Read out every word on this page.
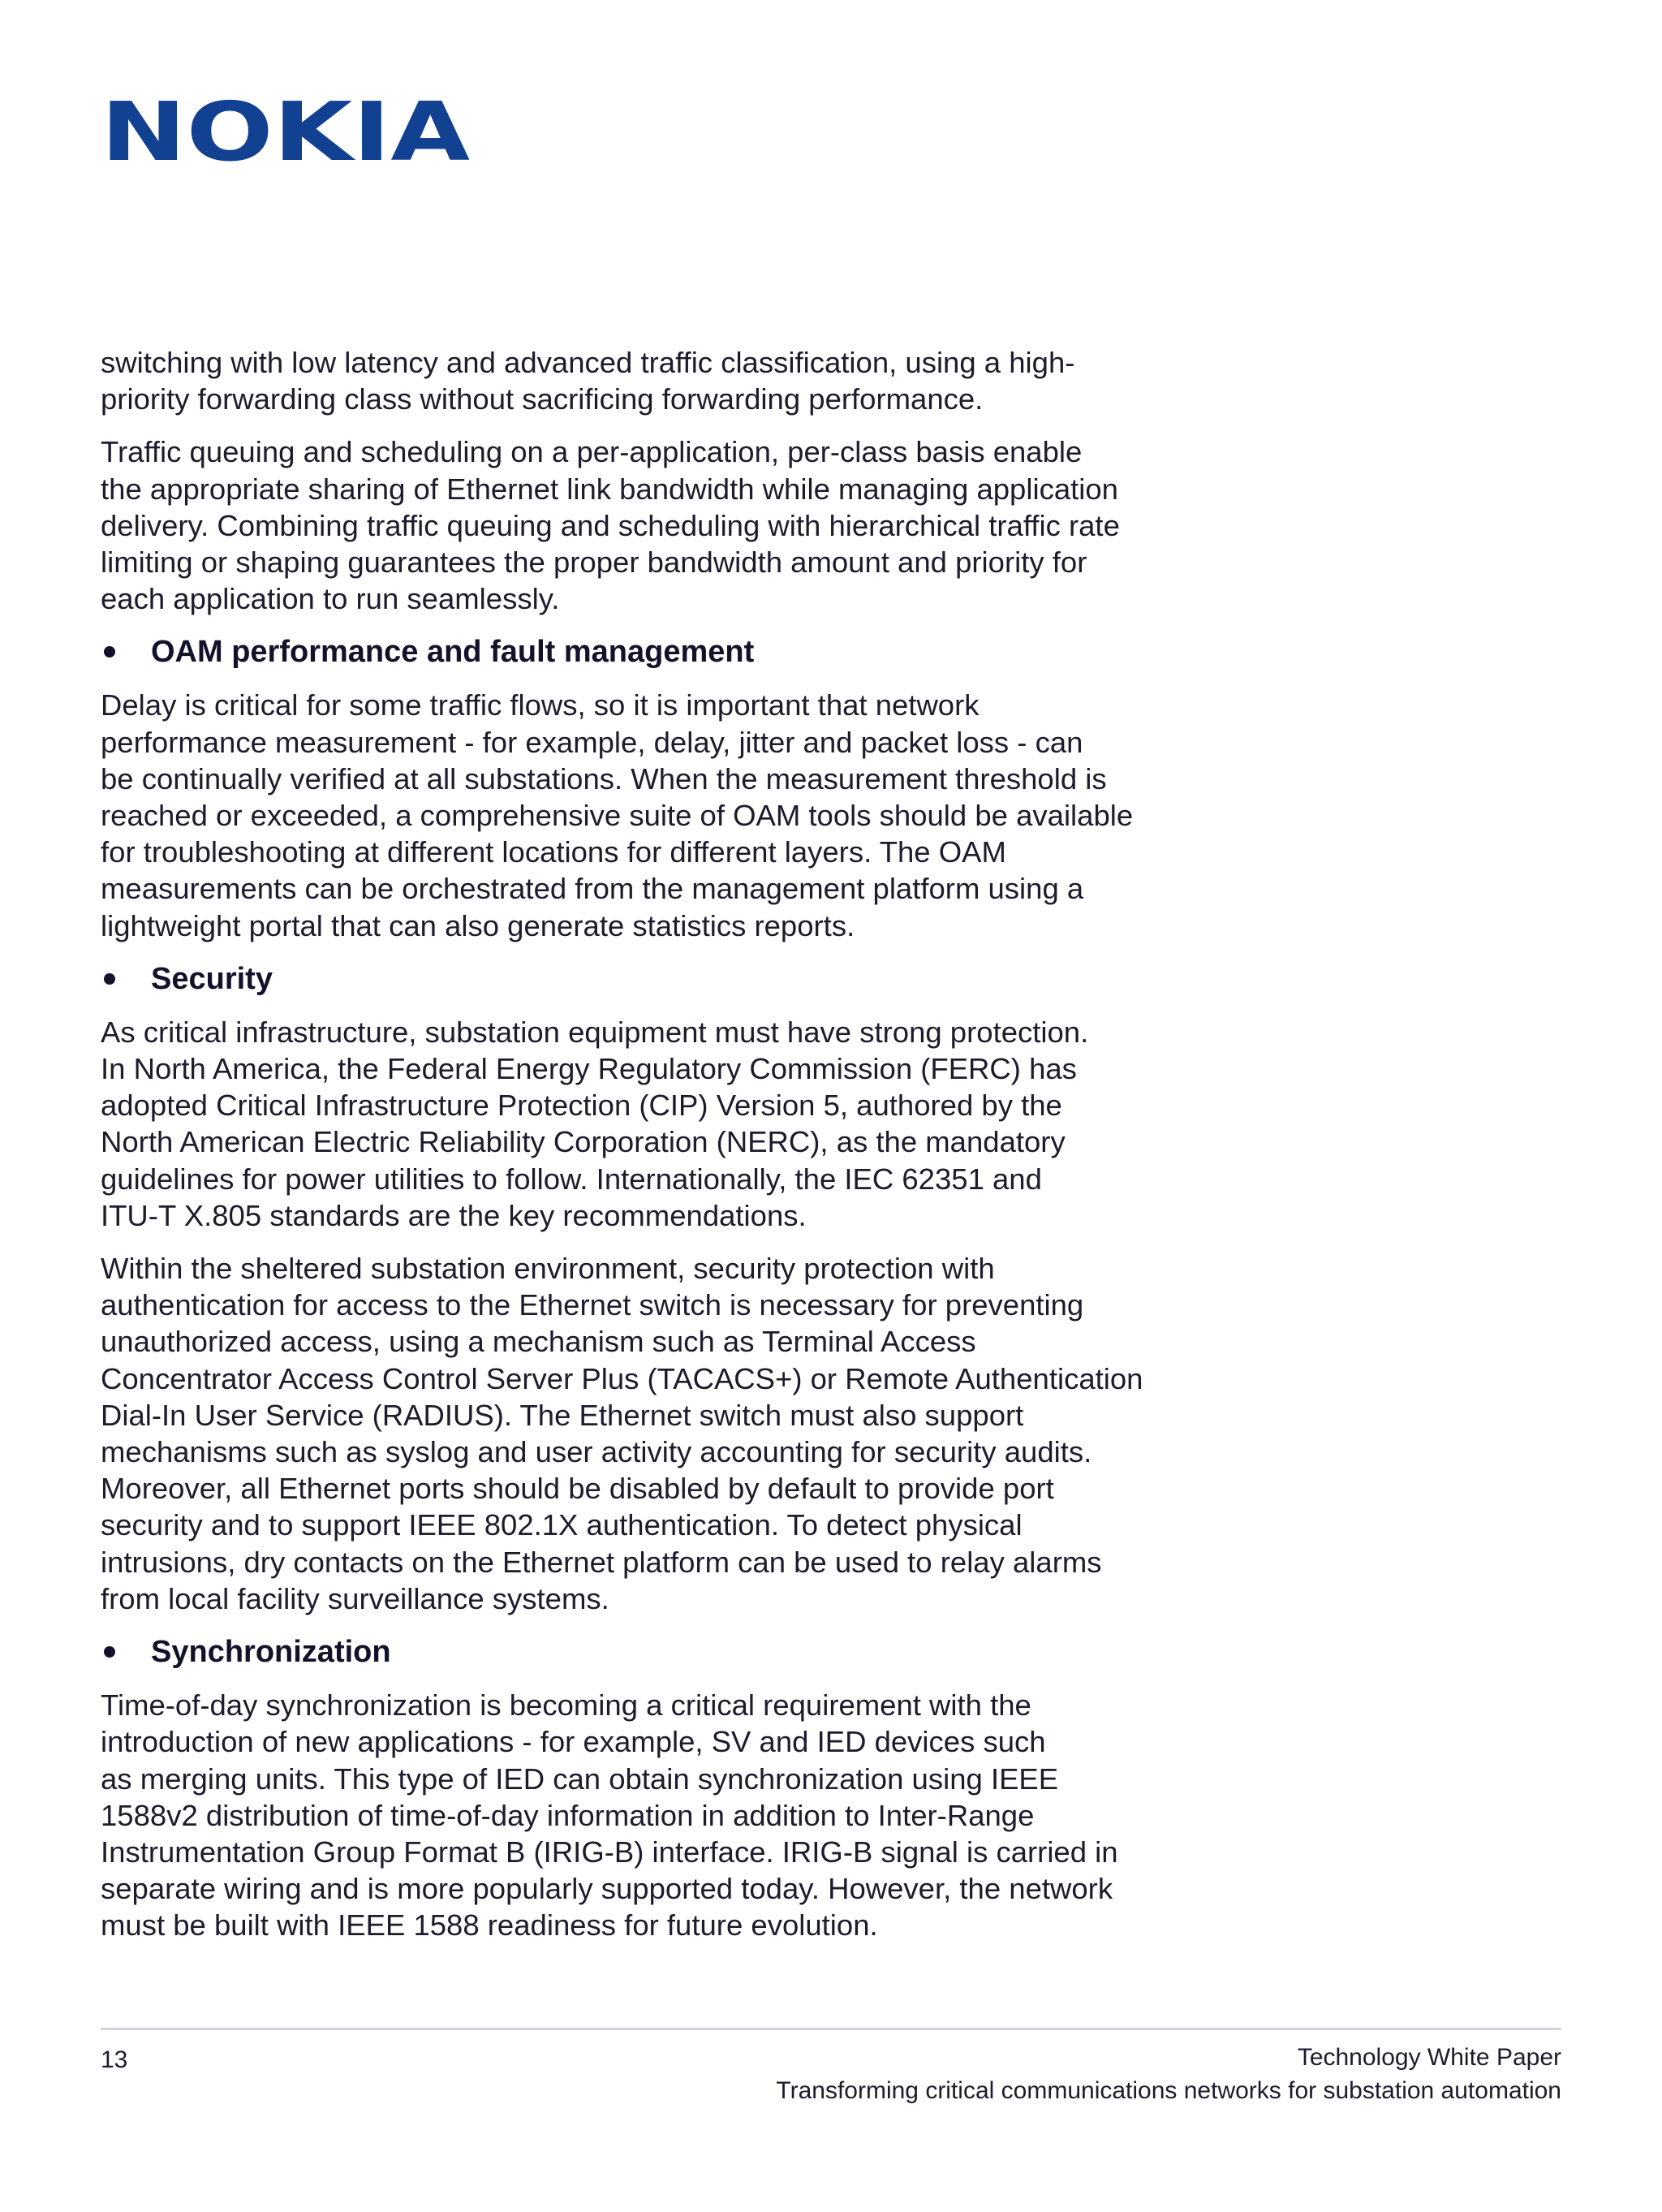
NOKIA

switching with low latency and advanced traffic classification, using a high-
priority forwarding class without sacrificing forwarding performance.

Traffic queuing and scheduling on a per-application, per-class basis enable
the appropriate sharing of Ethernet link bandwidth while managing application
delivery. Combining traffic queuing and scheduling with hierarchical traffic rate
limiting or shaping guarantees the proper bandwidth amount and priority for
each application to run seamlessly.

OAM performance and fault management

Delay is critical for some traffic flows, so it is important that network
performance measurement - for example, delay, jitter and packet loss - can
be continually verified at all substations. When the measurement threshold is
reached or exceeded, a comprehensive suite of OAM tools should be available
for troubleshooting at different locations for different layers. The OAM
measurements can be orchestrated from the management platform using a
lightweight portal that can also generate statistics reports.

Security

As critical infrastructure, substation equipment must have strong protection.
In North America, the Federal Energy Regulatory Commission (FERC) has
adopted Critical Infrastructure Protection (CIP) Version 5, authored by the
North American Electric Reliability Corporation (NERC), as the mandatory
guidelines for power utilities to follow. Internationally, the IEC 62351 and
ITU-T X.805 standards are the key recommendations.

Within the sheltered substation environment, security protection with
authentication for access to the Ethernet switch is necessary for preventing
unauthorized access, using a mechanism such as Terminal Access
Concentrator Access Control Server Plus (TACACS+) or Remote Authentication
Dial-In User Service (RADIUS). The Ethernet switch must also support
mechanisms such as syslog and user activity accounting for security audits.
Moreover, all Ethernet ports should be disabled by default to provide port
security and to support IEEE 802.1X authentication. To detect physical
intrusions, dry contacts on the Ethernet platform can be used to relay alarms
from local facility surveillance systems.

Synchronization

Time-of-day synchronization is becoming a critical requirement with the
introduction of new applications - for example, SV and IED devices such
as merging units. This type of IED can obtain synchronization using IEEE
1588v2 distribution of time-of-day information in addition to Inter-Range
Instrumentation Group Format B (IRIG-B) interface. IRIG-B signal is carried in
separate wiring and is more popularly supported today. However, the network
must be built with IEEE 1588 readiness for future evolution.

13	Technology White Paper
Transforming critical communications networks for substation automation
